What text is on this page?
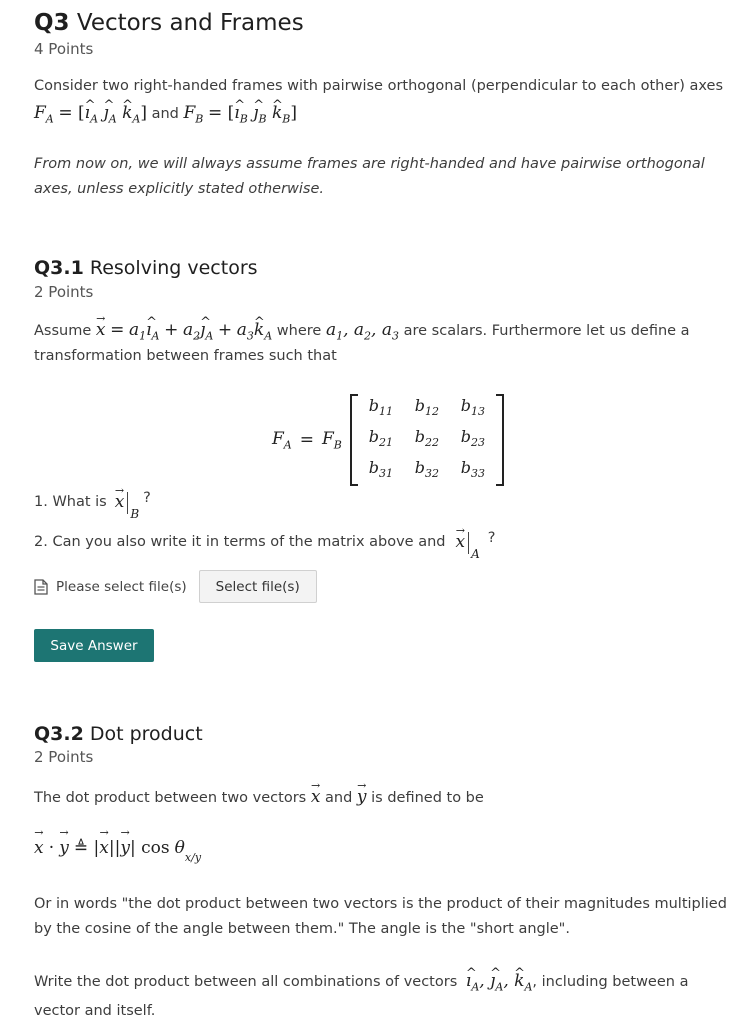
Q3 Vectors and Frames
4 Points
Consider two right-handed frames with pairwise orthogonal (perpendicular to each other) axes
$F_A$ = [^ $ı_A$ ^ $ȷ_A$ ^ $k_A$] and $F_B$ = [^ $ı_B$ ^ $ȷ_B$ ^ $k_B$]
From now on, we will always assume frames are right-handed and have pairwise orthogonal axes, unless explicitly stated otherwise.
Q3.1 Resolving vectors
2 Points
Assume → $x = a_1\^{}$ $ı_A$ + $a_2\^{}$ $ȷ_A$ + $a_3\^{}$ $k_A$ where $a_1$, $a_2$, $a_3$ are scalars. Furthermore let us define a
transformation between frames such that
$F_A = F_B$
$b_{11}$	$b_{12}$	$b_{13}$
$b_{21}$	$b_{22}$	$b_{23}$
$b_{31}$	$b_{32}$	$b_{33}$
1. What is → x
B
?
2. Can you also write it in terms of the matrix above and → x
A
?
Please select file(s)	Select file(s)
Save Answer
Q3.2 Dot product
2 Points
The dot product between two vectors → x and → y is defined to be
→ x · → y ≜ |→ x||→ y| $\cos \theta_{x/y}$
Or in words "the dot product between two vectors is the product of their magnitudes multiplied by the cosine of the angle between them." The angle is the "short angle".
Write the dot product between all combinations of vectors ^ $ı_A$, ^ $ȷ_A$, ^ $k_A$, including between a vector and itself.
